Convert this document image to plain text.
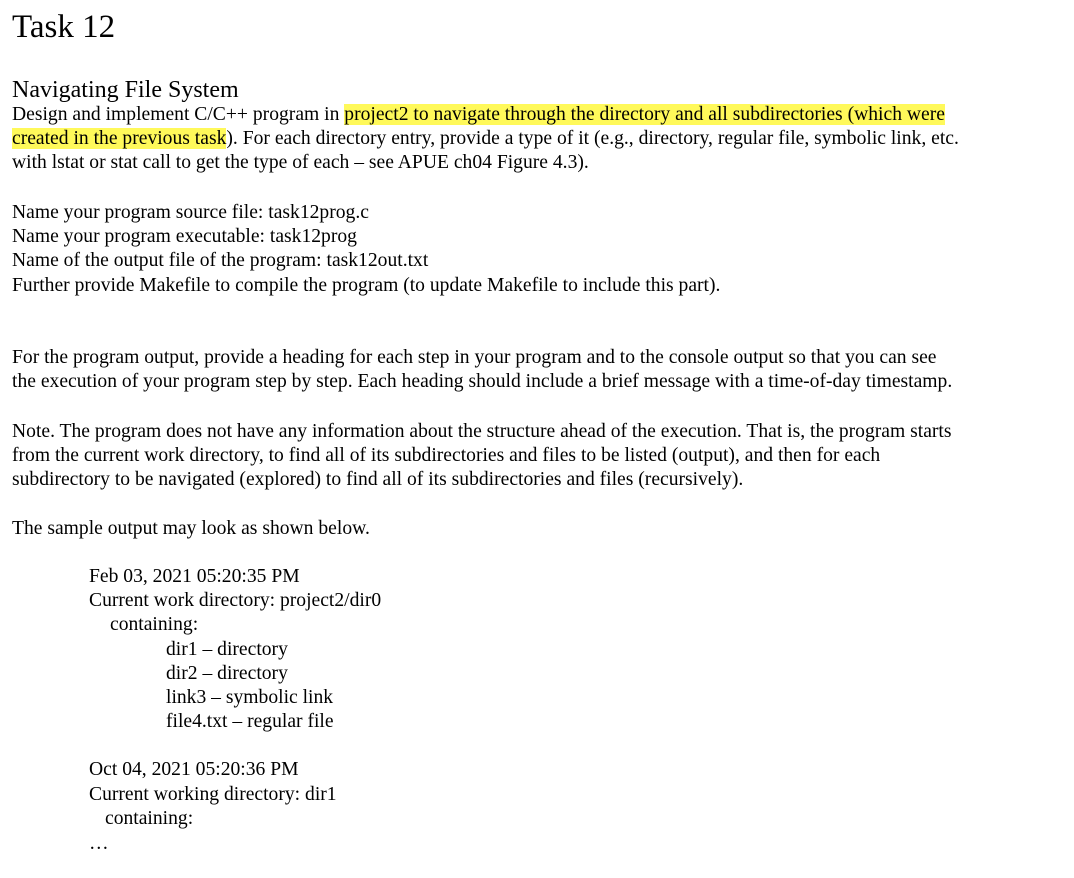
Task 12
Navigating File System
Design and implement C/C++ program in project2 to navigate through the directory and all subdirectories (which were
created in the previous task). For each directory entry, provide a type of it (e.g., directory, regular file, symbolic link, etc.
with lstat or stat call to get the type of each – see APUE ch04 Figure 4.3).
Name your program source file: task12prog.c
Name your program executable: task12prog
Name of the output file of the program: task12out.txt
Further provide Makefile to compile the program (to update Makefile to include this part).
For the program output, provide a heading for each step in your program and to the console output so that you can see
the execution of your program step by step. Each heading should include a brief message with a time-of-day timestamp.
Note. The program does not have any information about the structure ahead of the execution. That is, the program starts
from the current work directory, to find all of its subdirectories and files to be listed (output), and then for each
subdirectory to be navigated (explored) to find all of its subdirectories and files (recursively).
The sample output may look as shown below.
Feb 03, 2021 05:20:35 PM
Current work directory: project2/dir0
containing:
dir1 – directory
dir2 – directory
link3 – symbolic link
file4.txt – regular file
Oct 04, 2021 05:20:36 PM
Current working directory: dir1
containing:
…
